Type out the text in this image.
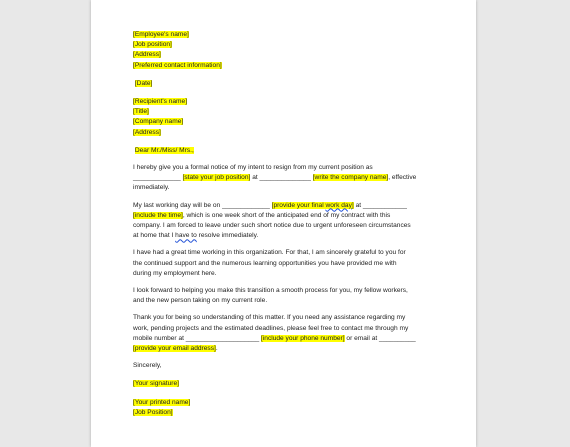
[Employee's name]
[Job position]
[Address]
[Preferred contact information]
[Date]
[Recipient's name]
[Title]
[Company name]
[Address]
Dear Mr./Miss/ Mrs.,
I hereby give you a formal notice of my intent to resign from my current position as
_____________ [state your job position] at ______________ [write the company name], effective
immediately.
My last working day will be on _____________ [provide your final work day] at ____________
[include the time], which is one week short of the anticipated end of my contract with this
company. I am forced to leave under such short notice due to urgent unforeseen circumstances
at home that I have to resolve immediately.
I have had a great time working in this organization. For that, I am sincerely grateful to you for
the continued support and the numerous learning opportunities you have provided me with
during my employment here.
I look forward to helping you make this transition a smooth process for you, my fellow workers,
and the new person taking on my current role.
Thank you for being so understanding of this matter. If you need any assistance regarding my
work, pending projects and the estimated deadlines, please feel free to contact me through my
mobile number at ____________________ [include your phone number] or email at __________
[provide your email address].
Sincerely,
[Your signature]
[Your printed name]
[Job Position]
